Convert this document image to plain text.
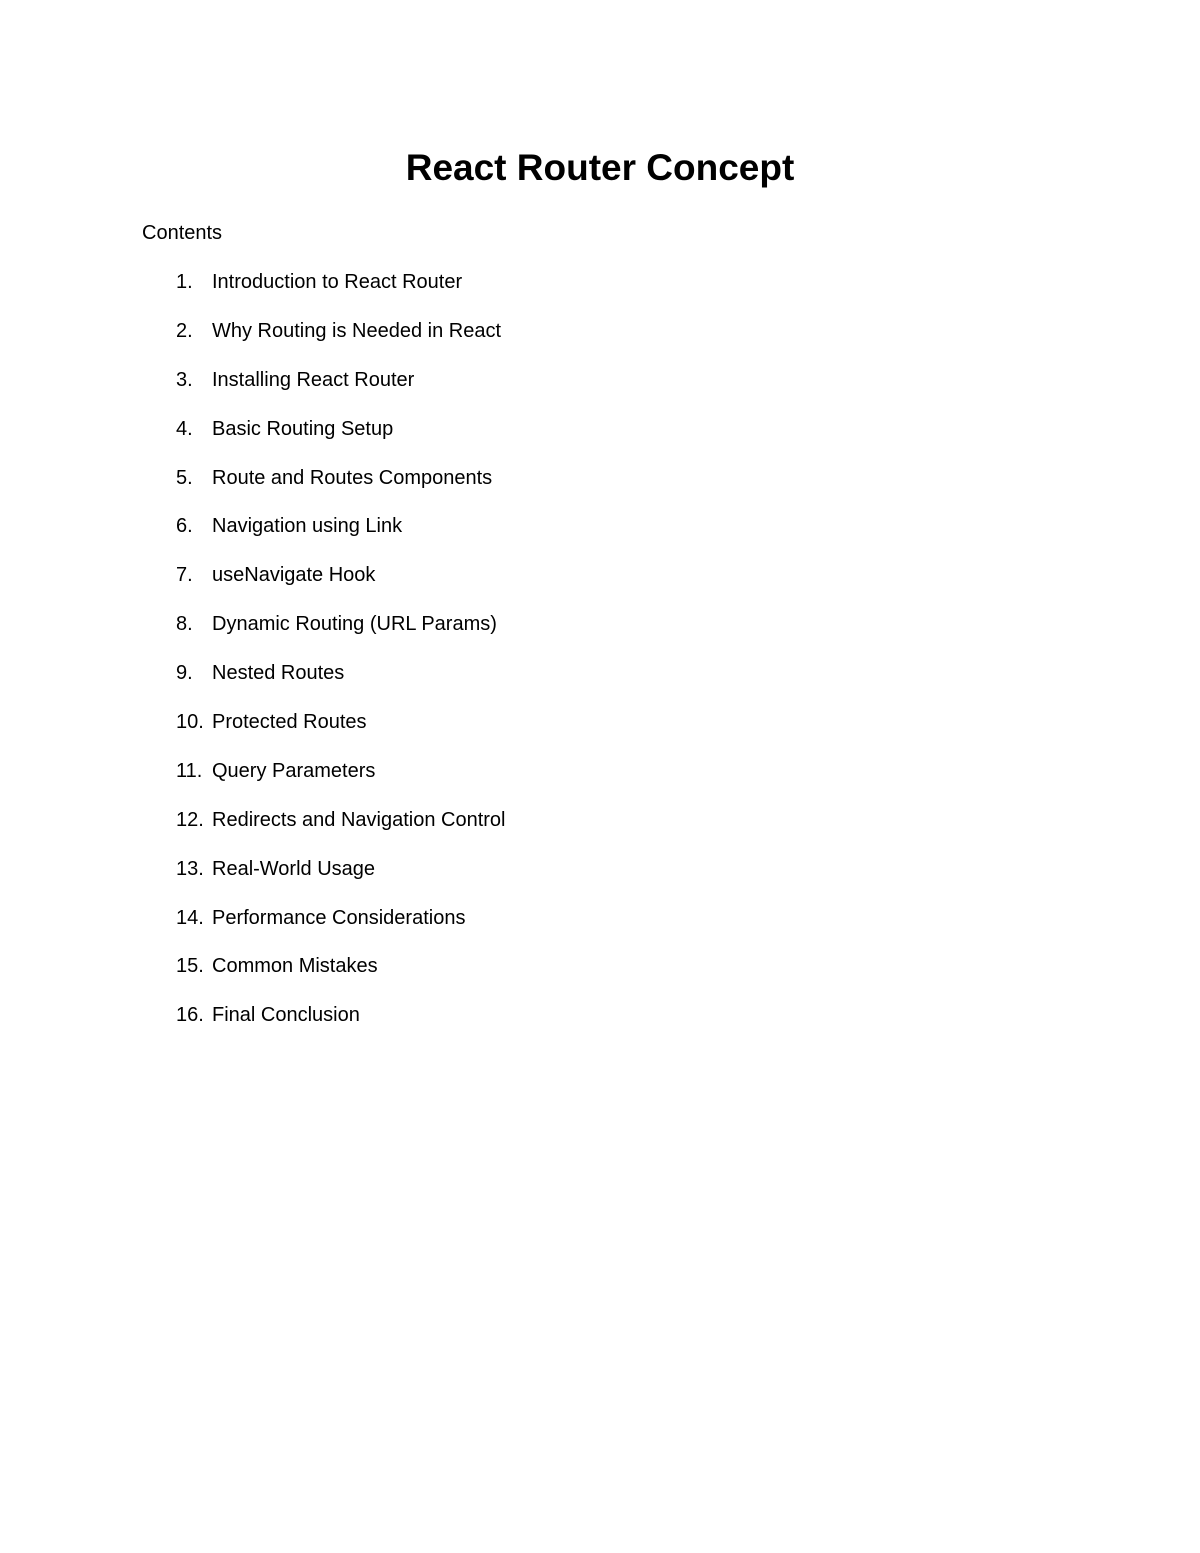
React Router Concept
Contents
1. Introduction to React Router
2. Why Routing is Needed in React
3. Installing React Router
4. Basic Routing Setup
5. Route and Routes Components
6. Navigation using Link
7. useNavigate Hook
8. Dynamic Routing (URL Params)
9. Nested Routes
10. Protected Routes
11. Query Parameters
12. Redirects and Navigation Control
13. Real-World Usage
14. Performance Considerations
15. Common Mistakes
16. Final Conclusion
